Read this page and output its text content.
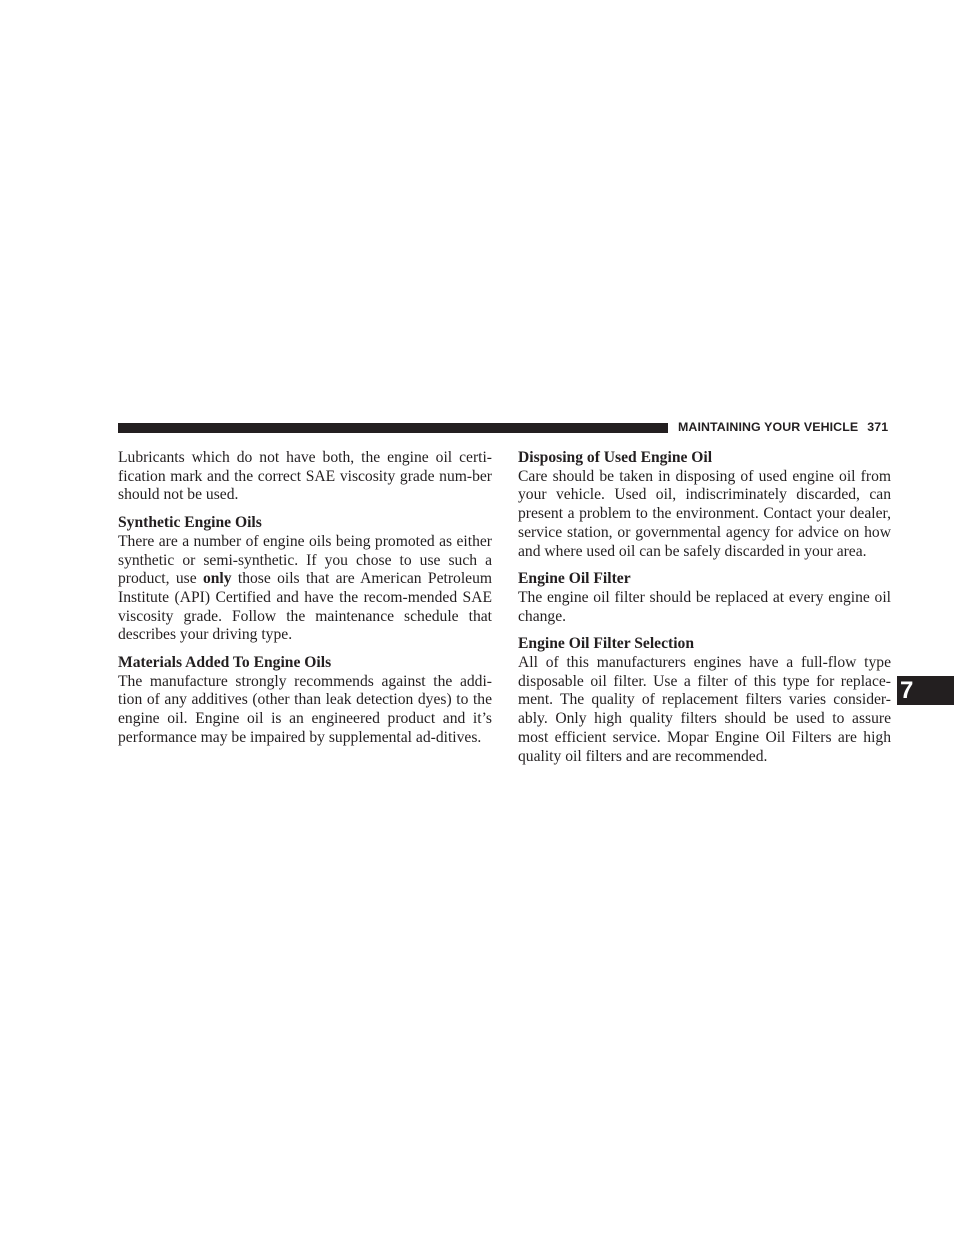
MAINTAINING YOUR VEHICLE 371

Lubricants which do not have both, the engine oil certi-fication mark and the correct SAE viscosity grade num-ber should not be used.

Synthetic Engine Oils

There are a number of engine oils being promoted as either synthetic or semi-synthetic. If you chose to use such a product, use only those oils that are American Petroleum Institute (API) Certified and have the recom-mended SAE viscosity grade. Follow the maintenance schedule that describes your driving type.

Materials Added To Engine Oils

The manufacture strongly recommends against the addi-tion of any additives (other than leak detection dyes) to the engine oil. Engine oil is an engineered product and it’s performance may be impaired by supplemental ad-ditives.

Disposing of Used Engine Oil

Care should be taken in disposing of used engine oil from your vehicle. Used oil, indiscriminately discarded, can present a problem to the environment. Contact your dealer, service station, or governmental agency for advice on how and where used oil can be safely discarded in your area.

Engine Oil Filter

The engine oil filter should be replaced at every engine oil change.

Engine Oil Filter Selection

All of this manufacturers engines have a full-flow type disposable oil filter. Use a filter of this type for replace-ment. The quality of replacement filters varies consider-ably. Only high quality filters should be used to assure most efficient service. Mopar Engine Oil Filters are high quality oil filters and are recommended.

7
